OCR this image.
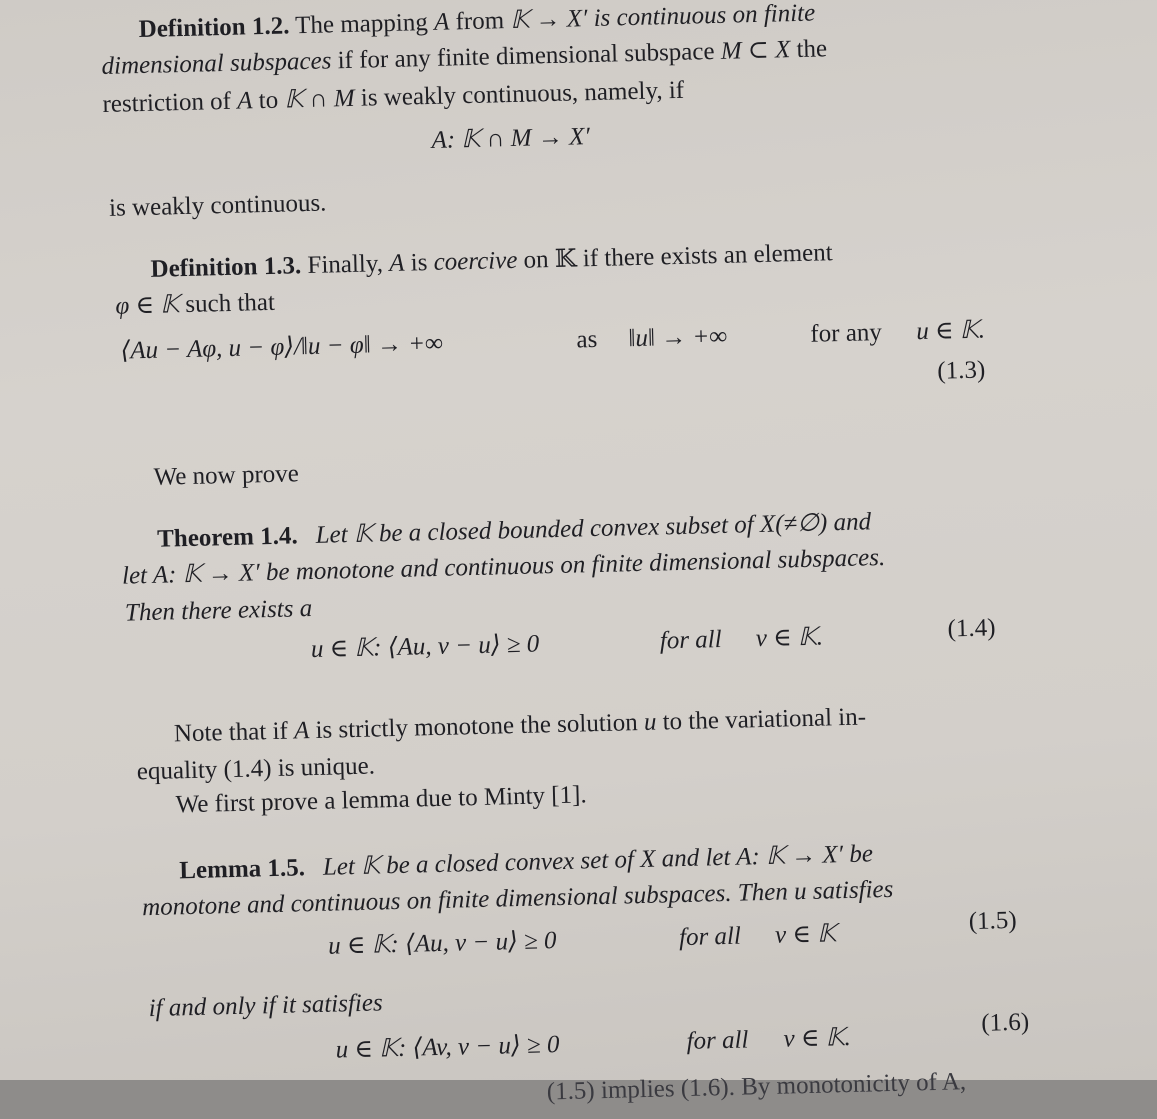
Definition 1.2. The mapping A from 𝕂 → X′ is continuous on finite
dimensional subspaces if for any finite dimensional subspace M ⊂ X the
restriction of A to 𝕂 ∩ M is weakly continuous, namely, if
A: 𝕂 ∩ M → X′
is weakly continuous.
Definition 1.3. Finally, A is coercive on 𝕂 if there exists an element
φ ∈ 𝕂 such that
⟨Au − Aφ, u − φ⟩/‖u − φ‖ → +∞	as ‖u‖ → +∞	for any u ∈ 𝕂.
(1.3)
We now prove
Theorem 1.4. Let 𝕂 be a closed bounded convex subset of X(≠∅) and
let A: 𝕂 → X′ be monotone and continuous on finite dimensional subspaces.
Then there exists a
u ∈ 𝕂: ⟨Au, v − u⟩ ≥ 0	for all v ∈ 𝕂.	(1.4)
Note that if A is strictly monotone the solution u to the variational in-
equality (1.4) is unique.
We first prove a lemma due to Minty [1].
Lemma 1.5. Let 𝕂 be a closed convex set of X and let A: 𝕂 → X′ be
monotone and continuous on finite dimensional subspaces. Then u satisfies
u ∈ 𝕂: ⟨Au, v − u⟩ ≥ 0	for all v ∈ 𝕂	(1.5)
if and only if it satisfies
u ∈ 𝕂: ⟨Av, v − u⟩ ≥ 0	for all v ∈ 𝕂.
(1.6)
(1.5) implies (1.6). By monotonicity of A,
